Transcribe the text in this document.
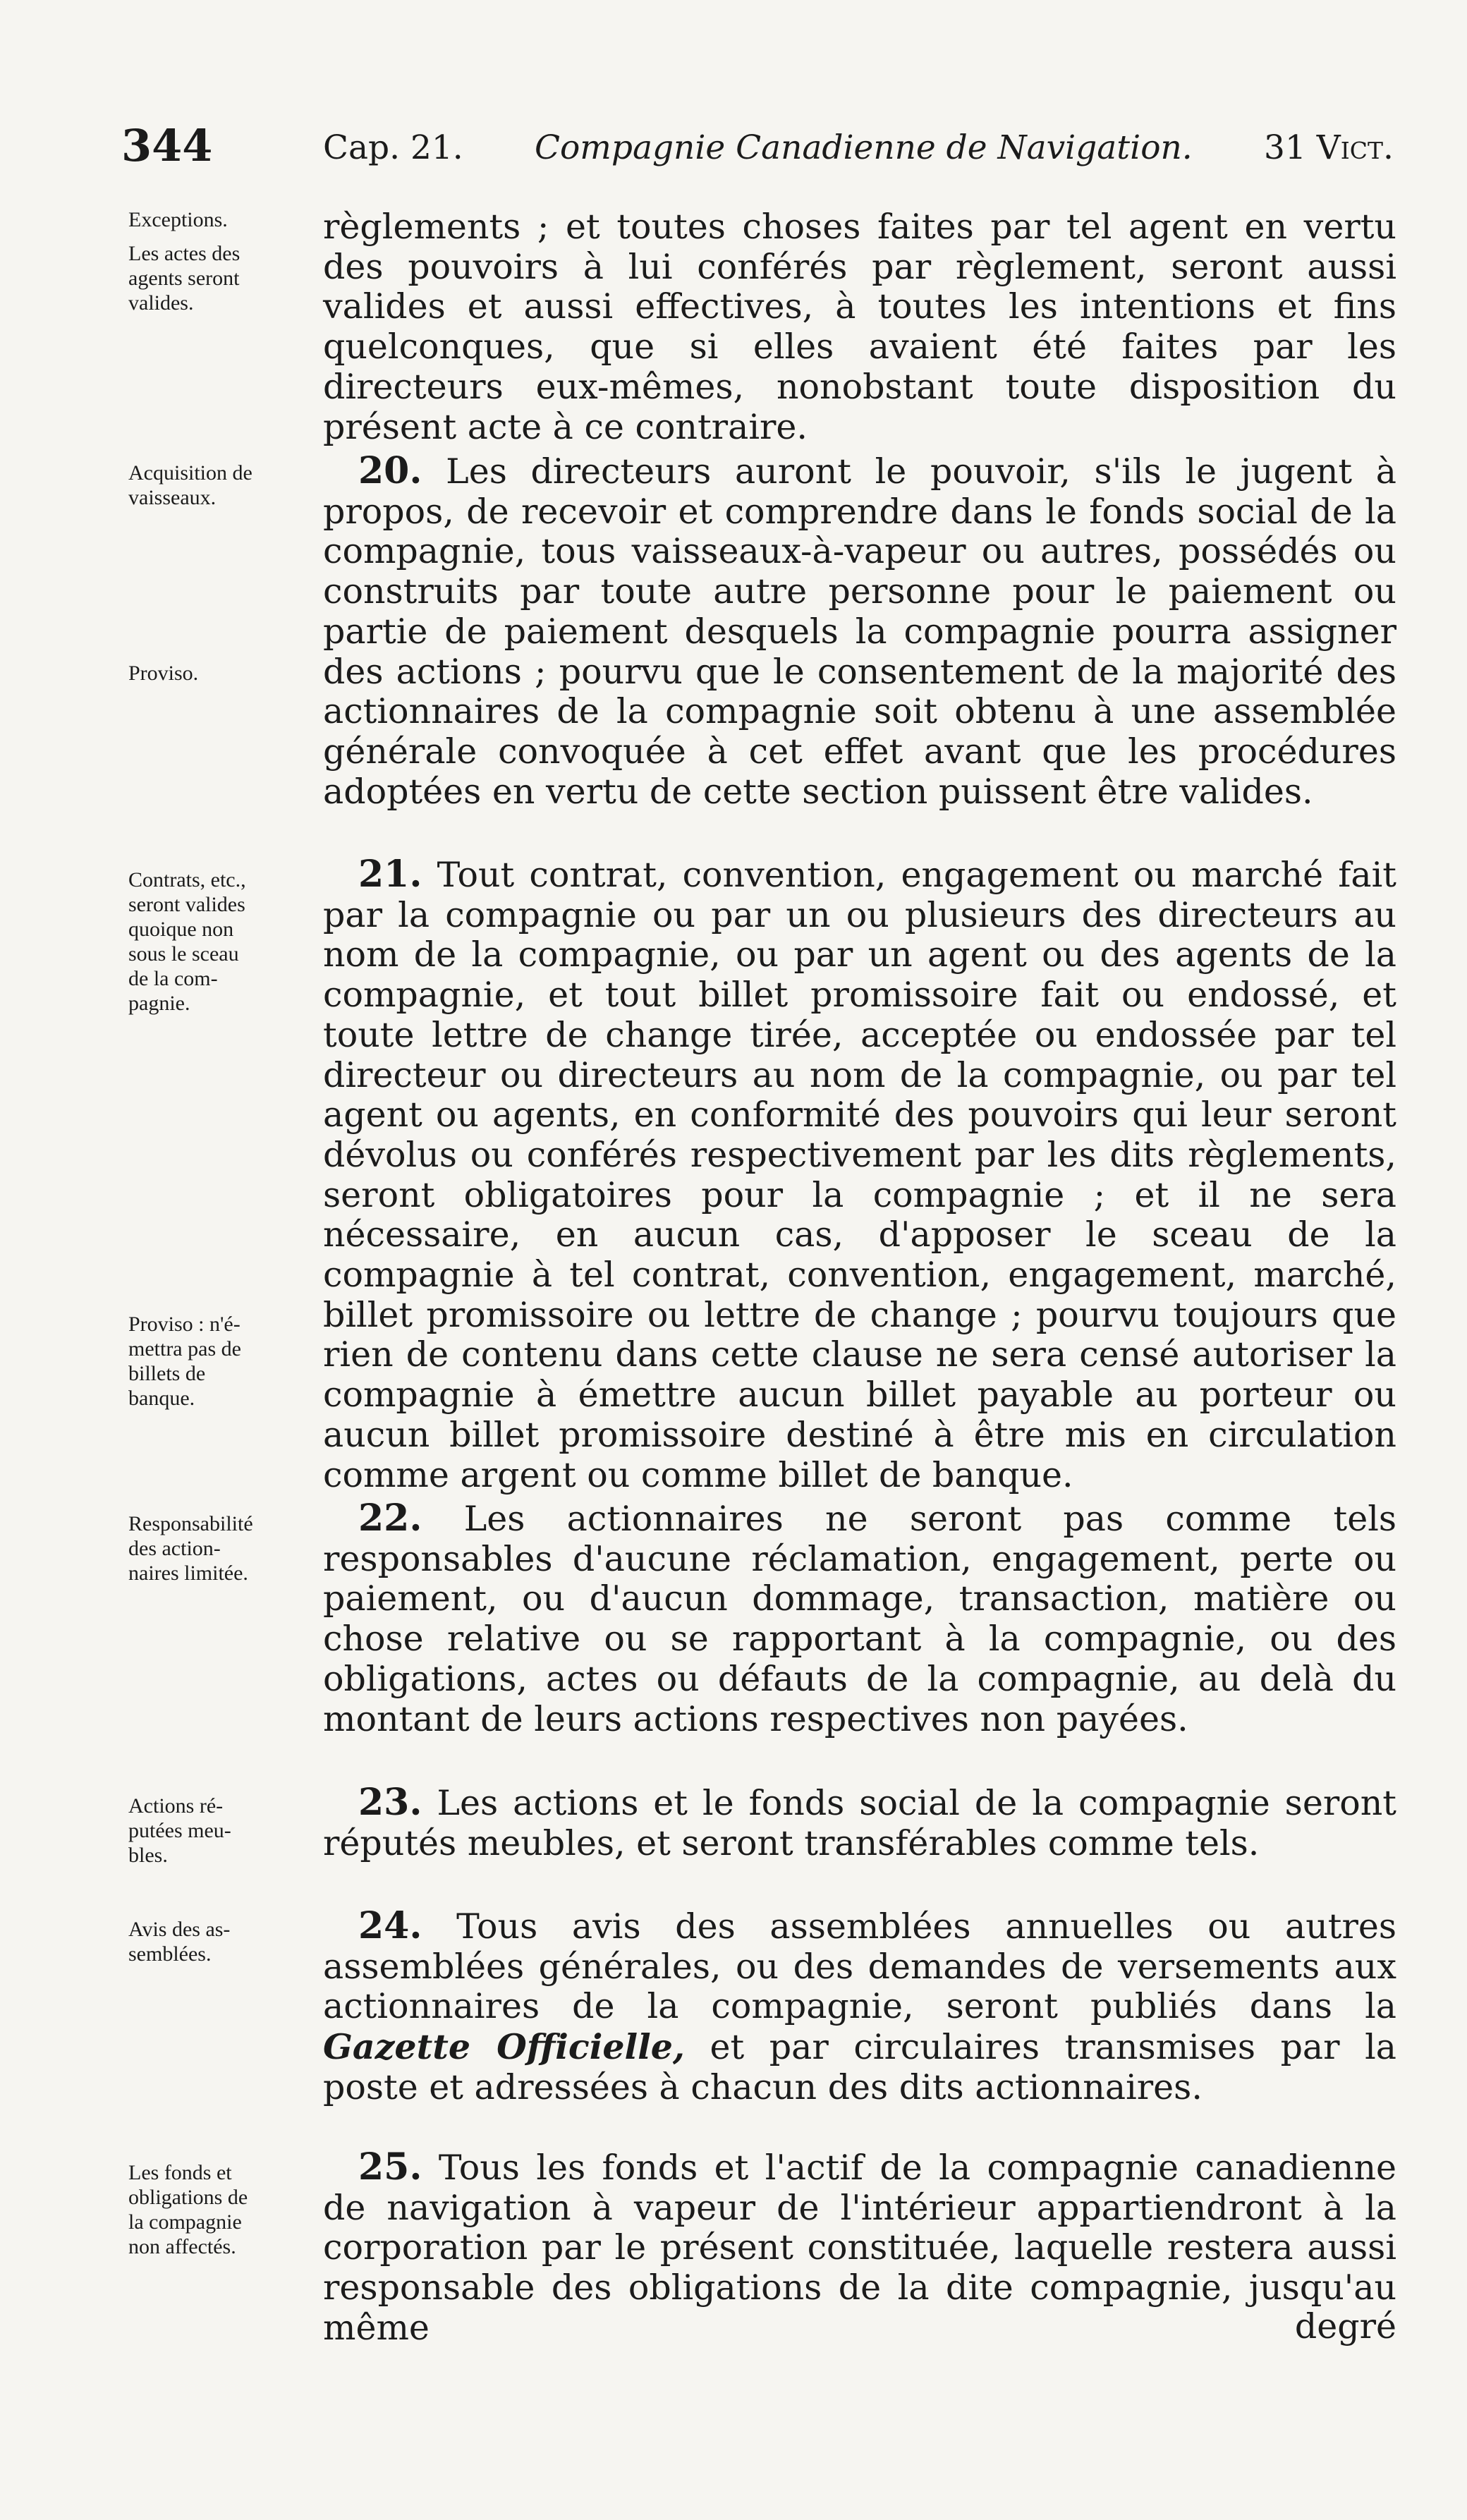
344	Cap. 21. Compagnie Canadienne de Navigation. 31 Vict.
Exceptions.
Les actes des
agents seront
valides.
règlements ; et toutes choses faites par tel agent en vertu des pouvoirs à lui conférés par règlement, seront aussi valides et aussi effectives, à toutes les intentions et fins quelconques, que si elles avaient été faites par les directeurs eux-mêmes, nonobstant toute disposition du présent acte à ce contraire.
Acquisition de
vaisseaux.
Proviso.
20. Les directeurs auront le pouvoir, s'ils le jugent à propos, de recevoir et comprendre dans le fonds social de la compagnie, tous vaisseaux-à-vapeur ou autres, possédés ou construits par toute autre personne pour le paiement ou partie de paiement desquels la compagnie pourra assigner des actions ; pourvu que le consentement de la majorité des actionnaires de la compagnie soit obtenu à une assemblée générale convoquée à cet effet avant que les procédures adoptées en vertu de cette section puissent être valides.
Contrats, etc.,
seront valides
quoique non
sous le sceau
de la com-
pagnie.
Proviso : n'é-
mettra pas de
billets de
banque.
21. Tout contrat, convention, engagement ou marché fait par la compagnie ou par un ou plusieurs des directeurs au nom de la compagnie, ou par un agent ou des agents de la compagnie, et tout billet promissoire fait ou endossé, et toute lettre de change tirée, acceptée ou endossée par tel directeur ou directeurs au nom de la compagnie, ou par tel agent ou agents, en conformité des pouvoirs qui leur seront dévolus ou conférés respectivement par les dits règlements, seront obligatoires pour la compagnie ; et il ne sera nécessaire, en aucun cas, d'apposer le sceau de la compagnie à tel contrat, convention, engagement, marché, billet promissoire ou lettre de change ; pourvu toujours que rien de contenu dans cette clause ne sera censé autoriser la compagnie à émettre aucun billet payable au porteur ou aucun billet promissoire destiné à être mis en circulation comme argent ou comme billet de banque.
Responsabilité
des action-
naires limitée.
22. Les actionnaires ne seront pas comme tels responsables d'aucune réclamation, engagement, perte ou paiement, ou d'aucun dommage, transaction, matière ou chose relative ou se rapportant à la compagnie, ou des obligations, actes ou défauts de la compagnie, au delà du montant de leurs actions respectives non payées.
Actions ré-
putées meu-
bles.
23. Les actions et le fonds social de la compagnie seront réputés meubles, et seront transférables comme tels.
Avis des as-
semblées.
24. Tous avis des assemblées annuelles ou autres assemblées générales, ou des demandes de versements aux actionnaires de la compagnie, seront publiés dans la Gazette Officielle, et par circulaires transmises par la poste et adressées à chacun des dits actionnaires.
Les fonds et
obligations de
la compagnie
non affectés.
25. Tous les fonds et l'actif de la compagnie canadienne de navigation à vapeur de l'intérieur appartiendront à la corporation par le présent constituée, laquelle restera aussi responsable des obligations de la dite compagnie, jusqu'au même	degré
